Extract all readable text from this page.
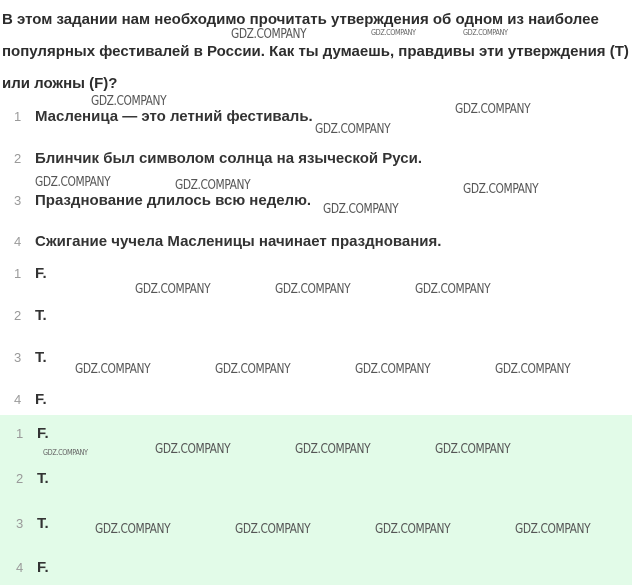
В этом задании нам необходимо прочитать утверждения об одном из наиболее популярных фестивалей в России. Как ты думаешь, правдивы эти утверждения (T) или ложны (F)?

1 Масленица — это летний фестиваль.
2 Блинчик был символом солнца на языческой Руси.
3 Празднование длилось всю неделю.
4 Сжигание чучела Масленицы начинает празднования.
1 F.
2 T.
3 T.
4 F.
1 F.
2 T.
3 T.
4 F.
GDZ.COMPANY	GDZ.COMPANY	GDZ.COMPANY
GDZ.COMPANY
GDZ.COMPANY
GDZ.COMPANY
GDZ.COMPANY	GDZ.COMPANY	GDZ.COMPANY
GDZ.COMPANY
GDZ.COMPANY	GDZ.COMPANY	GDZ.COMPANY
GDZ.COMPANY	GDZ.COMPANY	GDZ.COMPANY	GDZ.COMPANY
GDZ.COMPANY	GDZ.COMPANY	GDZ.COMPANY	GDZ.COMPANY
GDZ.COMPANY	GDZ.COMPANY	GDZ.COMPANY	GDZ.COMPANY
